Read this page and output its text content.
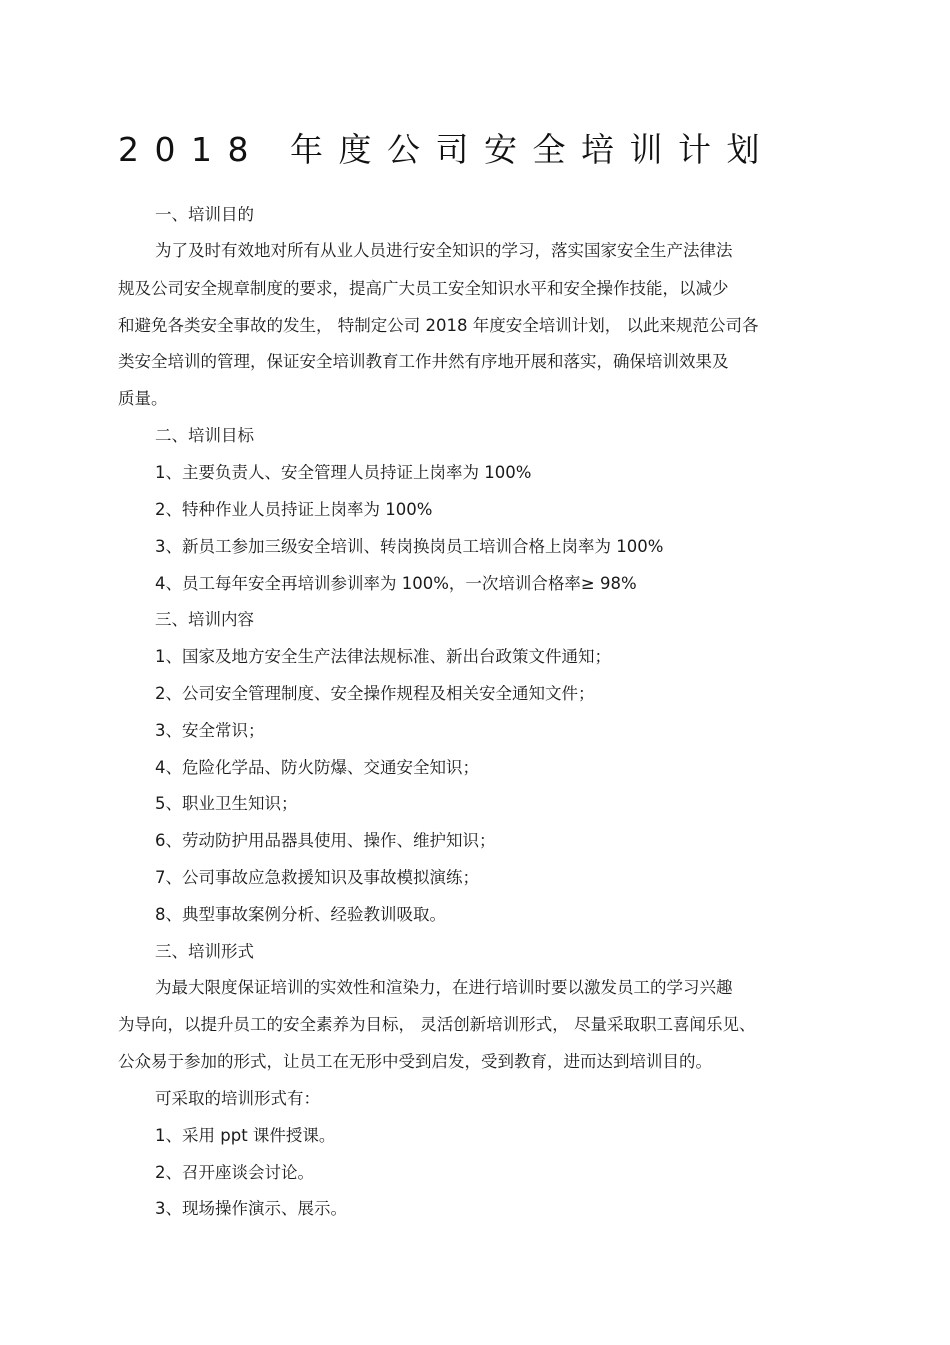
2018 年度公司安全培训计划
一、培训目的
为了及时有效地对所有从业人员进行安全知识的学习，落实国家安全生产法律法
规及公司安全规章制度的要求，提高广大员工安全知识水平和安全操作技能，以减少
和避免各类安全事故的发生， 特制定公司 2018 年度安全培训计划， 以此来规范公司各
类安全培训的管理，保证安全培训教育工作井然有序地开展和落实，确保培训效果及
质量。
二、培训目标
1、主要负责人、安全管理人员持证上岗率为 100%
2、特种作业人员持证上岗率为 100%
3、新员工参加三级安全培训、转岗换岗员工培训合格上岗率为 100%
4、员工每年安全再培训参训率为 100%，一次培训合格率≥ 98%
三、培训内容
1、国家及地方安全生产法律法规标准、新出台政策文件通知；
2、公司安全管理制度、安全操作规程及相关安全通知文件；
3、安全常识；
4、危险化学品、防火防爆、交通安全知识；
5、职业卫生知识；
6、劳动防护用品器具使用、操作、维护知识；
7、公司事故应急救援知识及事故模拟演练；
8、典型事故案例分析、经验教训吸取。
三、培训形式
为最大限度保证培训的实效性和渲染力，在进行培训时要以激发员工的学习兴趣
为导向，以提升员工的安全素养为目标， 灵活创新培训形式， 尽量采取职工喜闻乐见、
公众易于参加的形式，让员工在无形中受到启发，受到教育，进而达到培训目的。
可采取的培训形式有：
1、采用 ppt 课件授课。
2、召开座谈会讨论。
3、现场操作演示、展示。
